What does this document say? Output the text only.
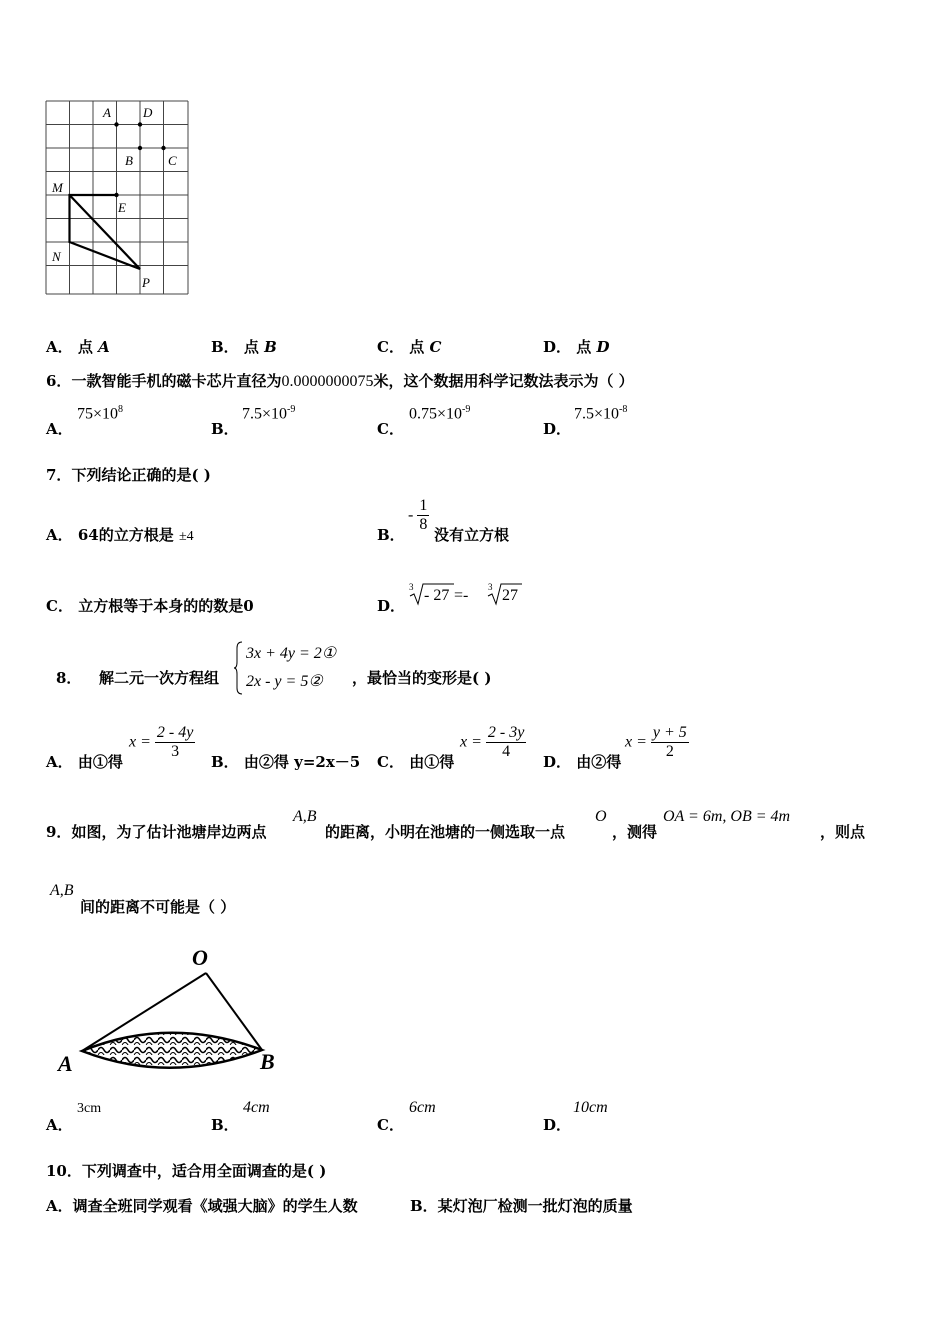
A D
B	C
M
E
N
P
A． 点 A	B． 点 B	C． 点 C	D． 点 D
6．一款智能手机的磁卡芯片直径为0.0000000075米，这个数据用科学记数法表示为（ ）
A．
$75\times 10^8$
B．
$7.5\times 10^{-9}$
C．
$0.75\times 10^{-9}$
D．
$7.5\times 10^{-8}$
7．下列结论正确的是( )
A． 64的立方根是 ±4	B．
- $\frac{1}{8}$
没有立方根
C． 立方根等于本身的的数是0	D．
3 - 27 =- 3 27
8． 解二元一次方程组
3x + 4y = 2①
2x - y = 5② ，最恰当的变形是( )
A． 由①得
$x = \frac{2 - 4y}{3}$
B． 由②得 y=2x－5 C． 由①得
$x = \frac{2 - 3y}{4}$
D． 由②得
$x = \frac{y + 5}{2}$
9．如图，为了估计池塘岸边两点
A,B
的距离，小明在池塘的一侧选取一点
O
，测得
OA = 6m, OB = 4m
，则点
A,B
间的距离不可能是（ ）
O
A	B
A．
3cm
B．
4cm
C．
6cm
D．
10cm
10．下列调查中，适合用全面调查的是( )
A．调查全班同学观看《域强大脑》的学生人数	B．某灯泡厂检测一批灯泡的质量
